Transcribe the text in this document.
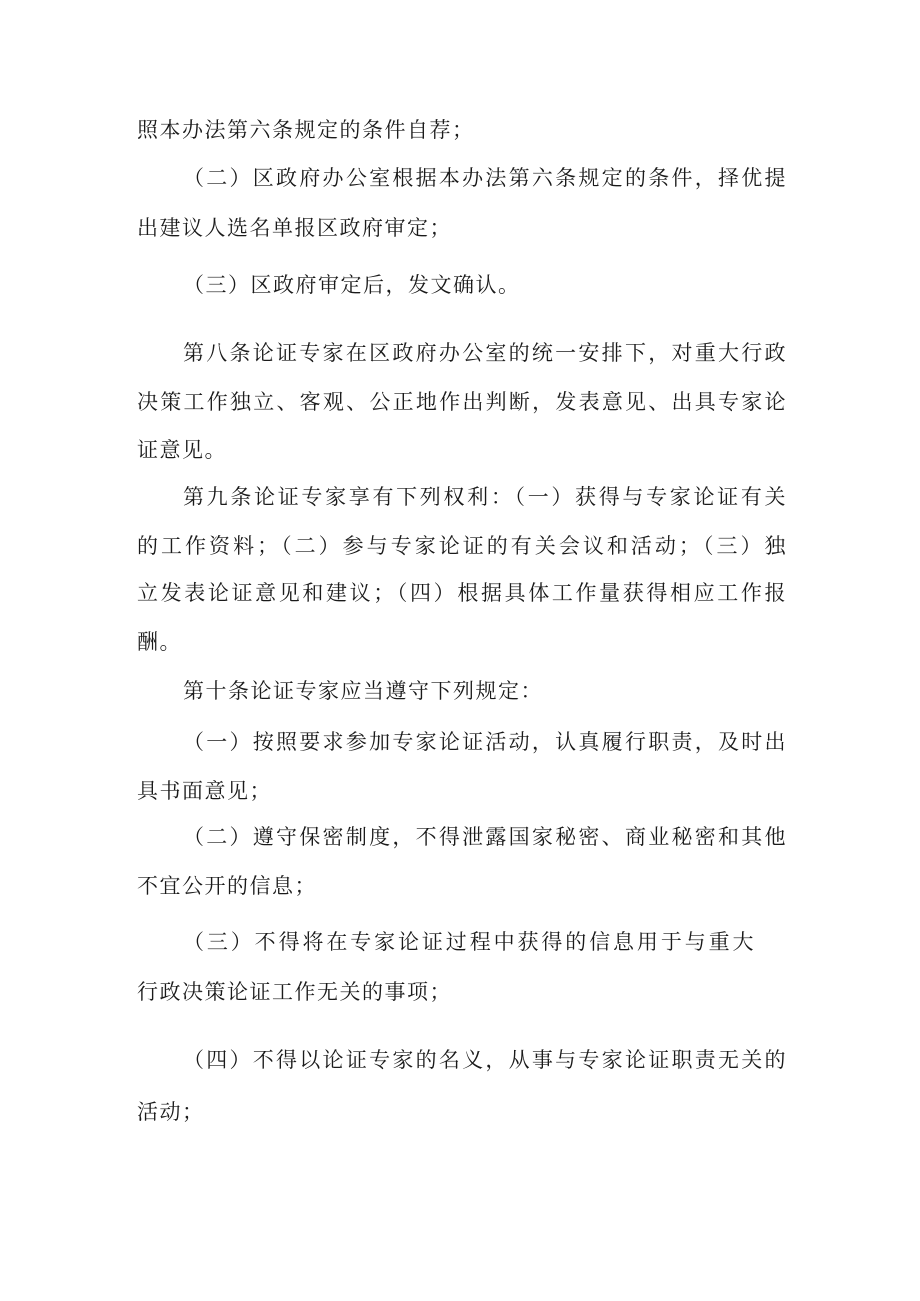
照本办法第六条规定的条件自荐；
（二）区政府办公室根据本办法第六条规定的条件，择优提
出建议人选名单报区政府审定；
（三）区政府审定后，发文确认。
第八条论证专家在区政府办公室的统一安排下，对重大行政
决策工作独立、客观、公正地作出判断，发表意见、出具专家论
证意见。
第九条论证专家享有下列权利：（一）获得与专家论证有关
的工作资料；（二）参与专家论证的有关会议和活动；（三）独
立发表论证意见和建议；（四）根据具体工作量获得相应工作报
酬。
第十条论证专家应当遵守下列规定：
（一）按照要求参加专家论证活动，认真履行职责，及时出
具书面意见；
（二）遵守保密制度，不得泄露国家秘密、商业秘密和其他
不宜公开的信息；
（三）不得将在专家论证过程中获得的信息用于与重大
行政决策论证工作无关的事项；
（四）不得以论证专家的名义，从事与专家论证职责无关的
活动；
